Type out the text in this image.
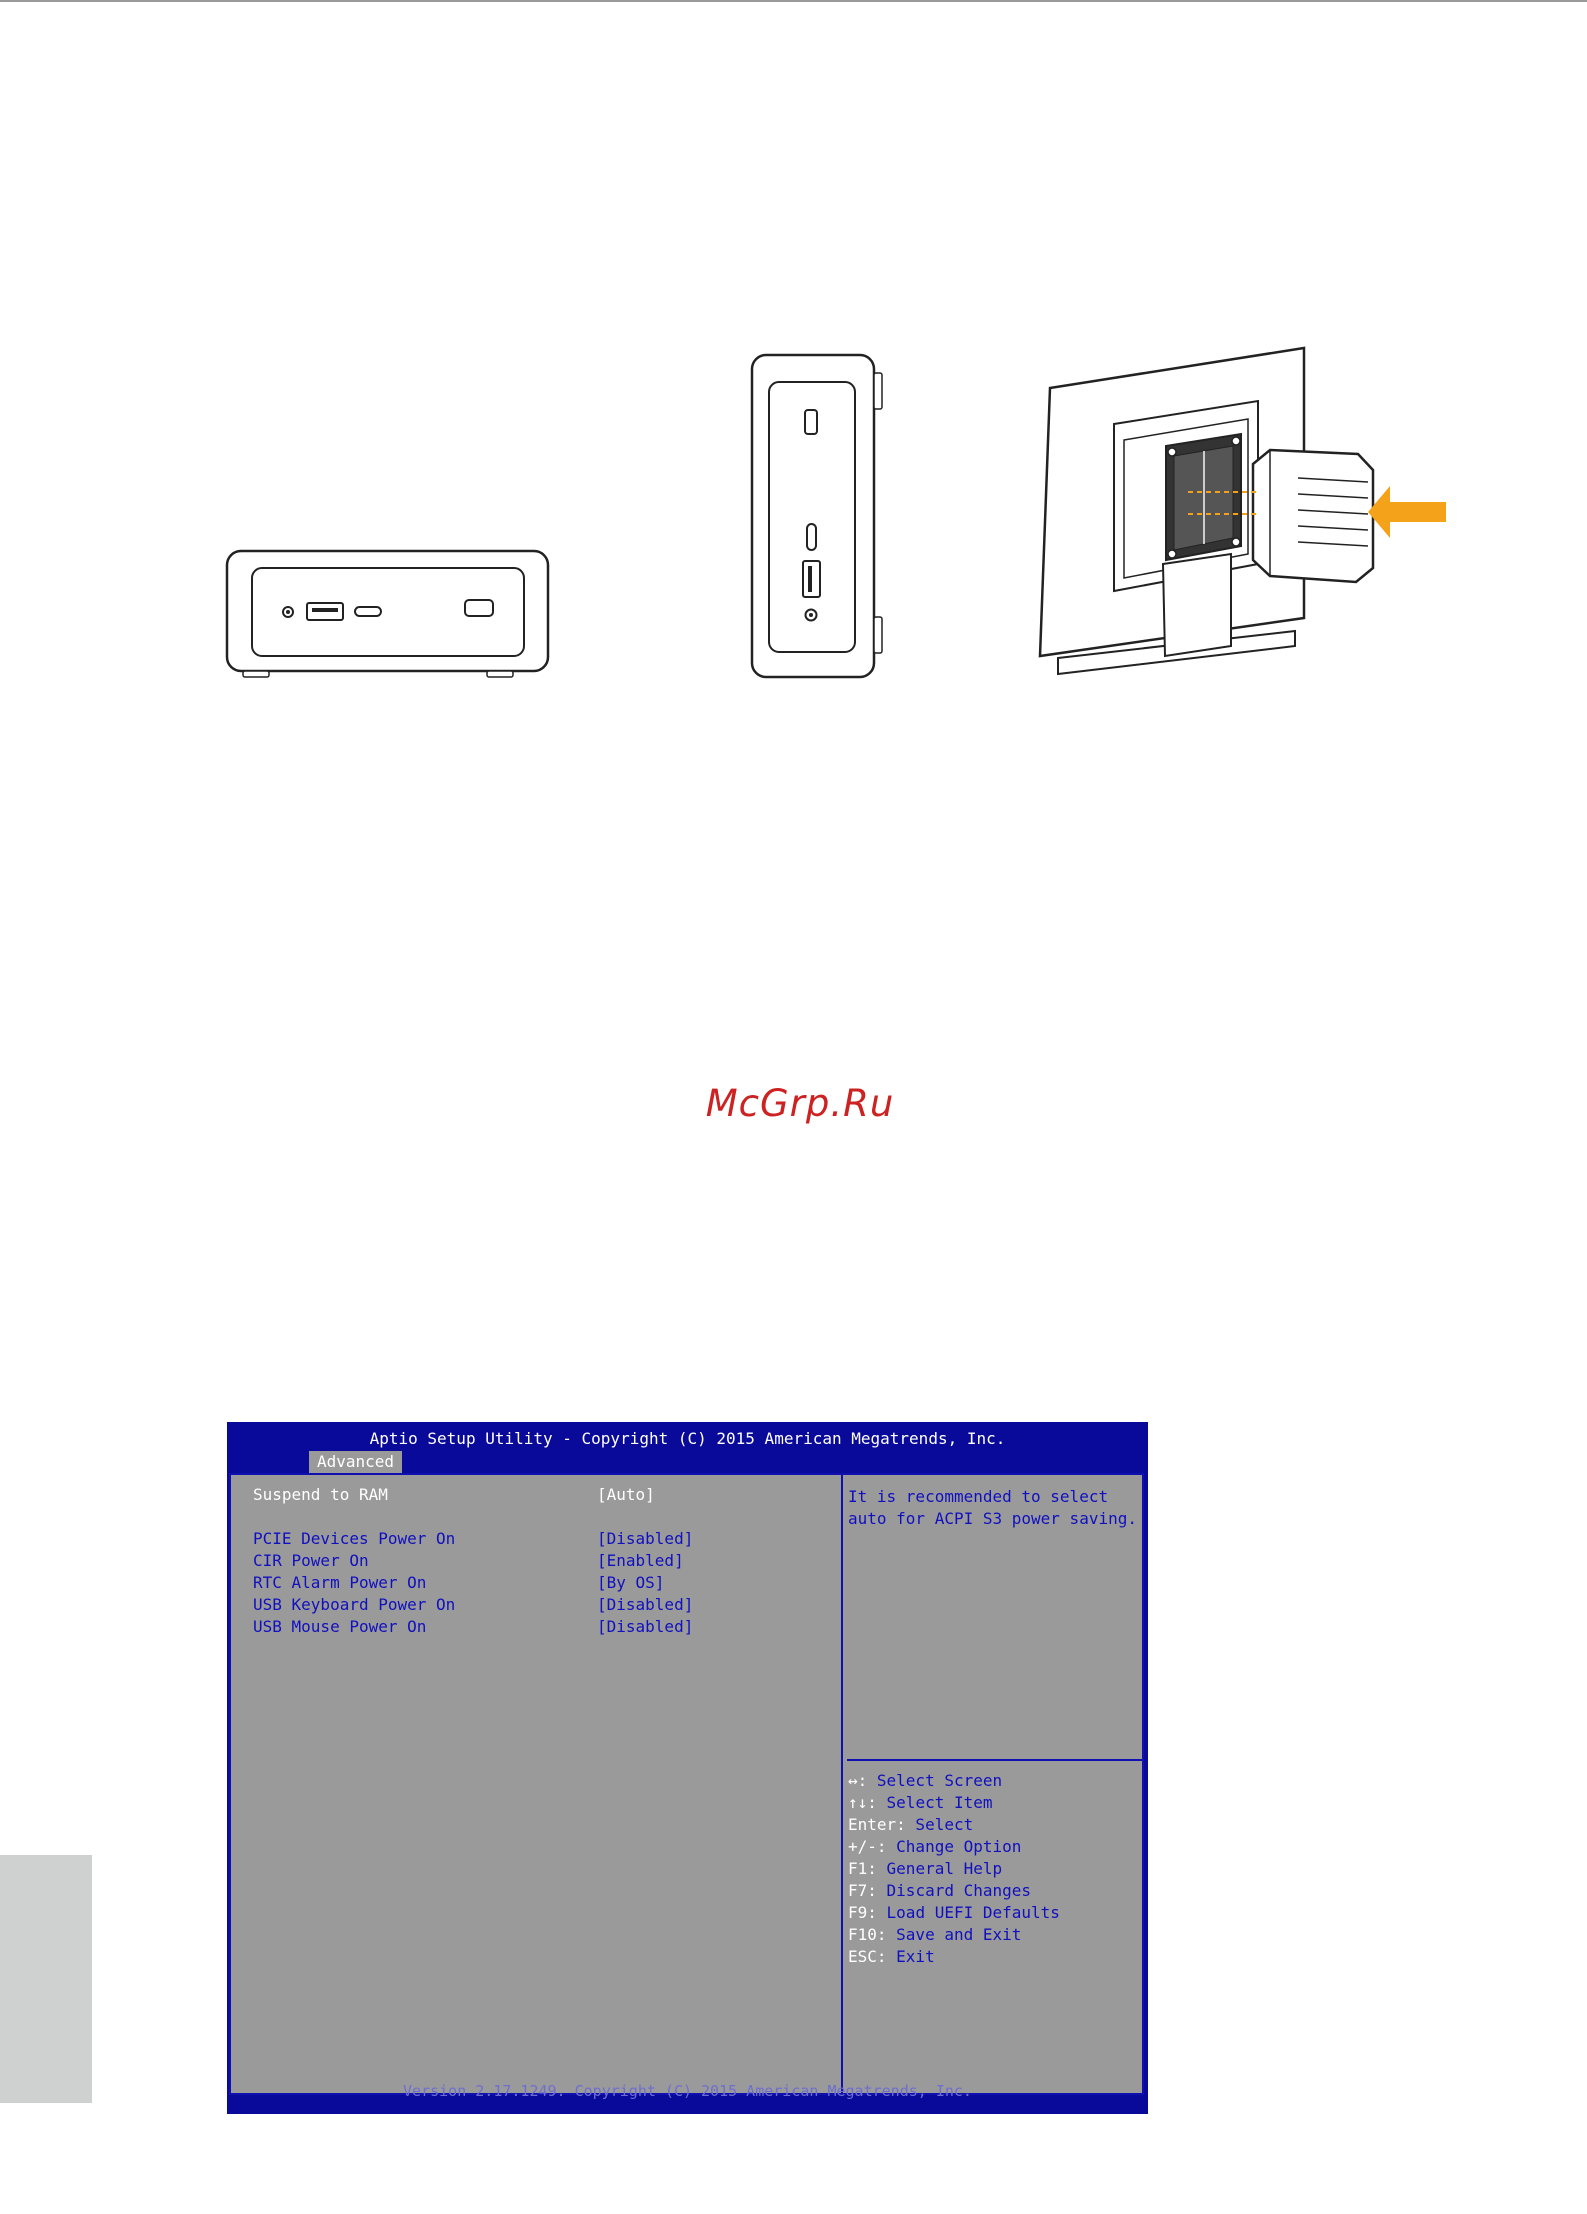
McGrp.Ru
Aptio Setup Utility - Copyright (C) 2015 American Megatrends, Inc.
Advanced
Suspend to RAM	[Auto]
PCIE Devices Power On	[Disabled]
CIR Power On	[Enabled]
RTC Alarm Power On	[By OS]
USB Keyboard Power On	[Disabled]
USB Mouse Power On	[Disabled]
It is recommended to select auto for ACPI S3 power saving.
↔: Select Screen
↑↓: Select Item
Enter: Select
+/-: Change Option
F1: General Help
F7: Discard Changes
F9: Load UEFI Defaults
F10: Save and Exit
ESC: Exit
Version 2.17.1249. Copyright (C) 2015 American Megatrends, Inc.
